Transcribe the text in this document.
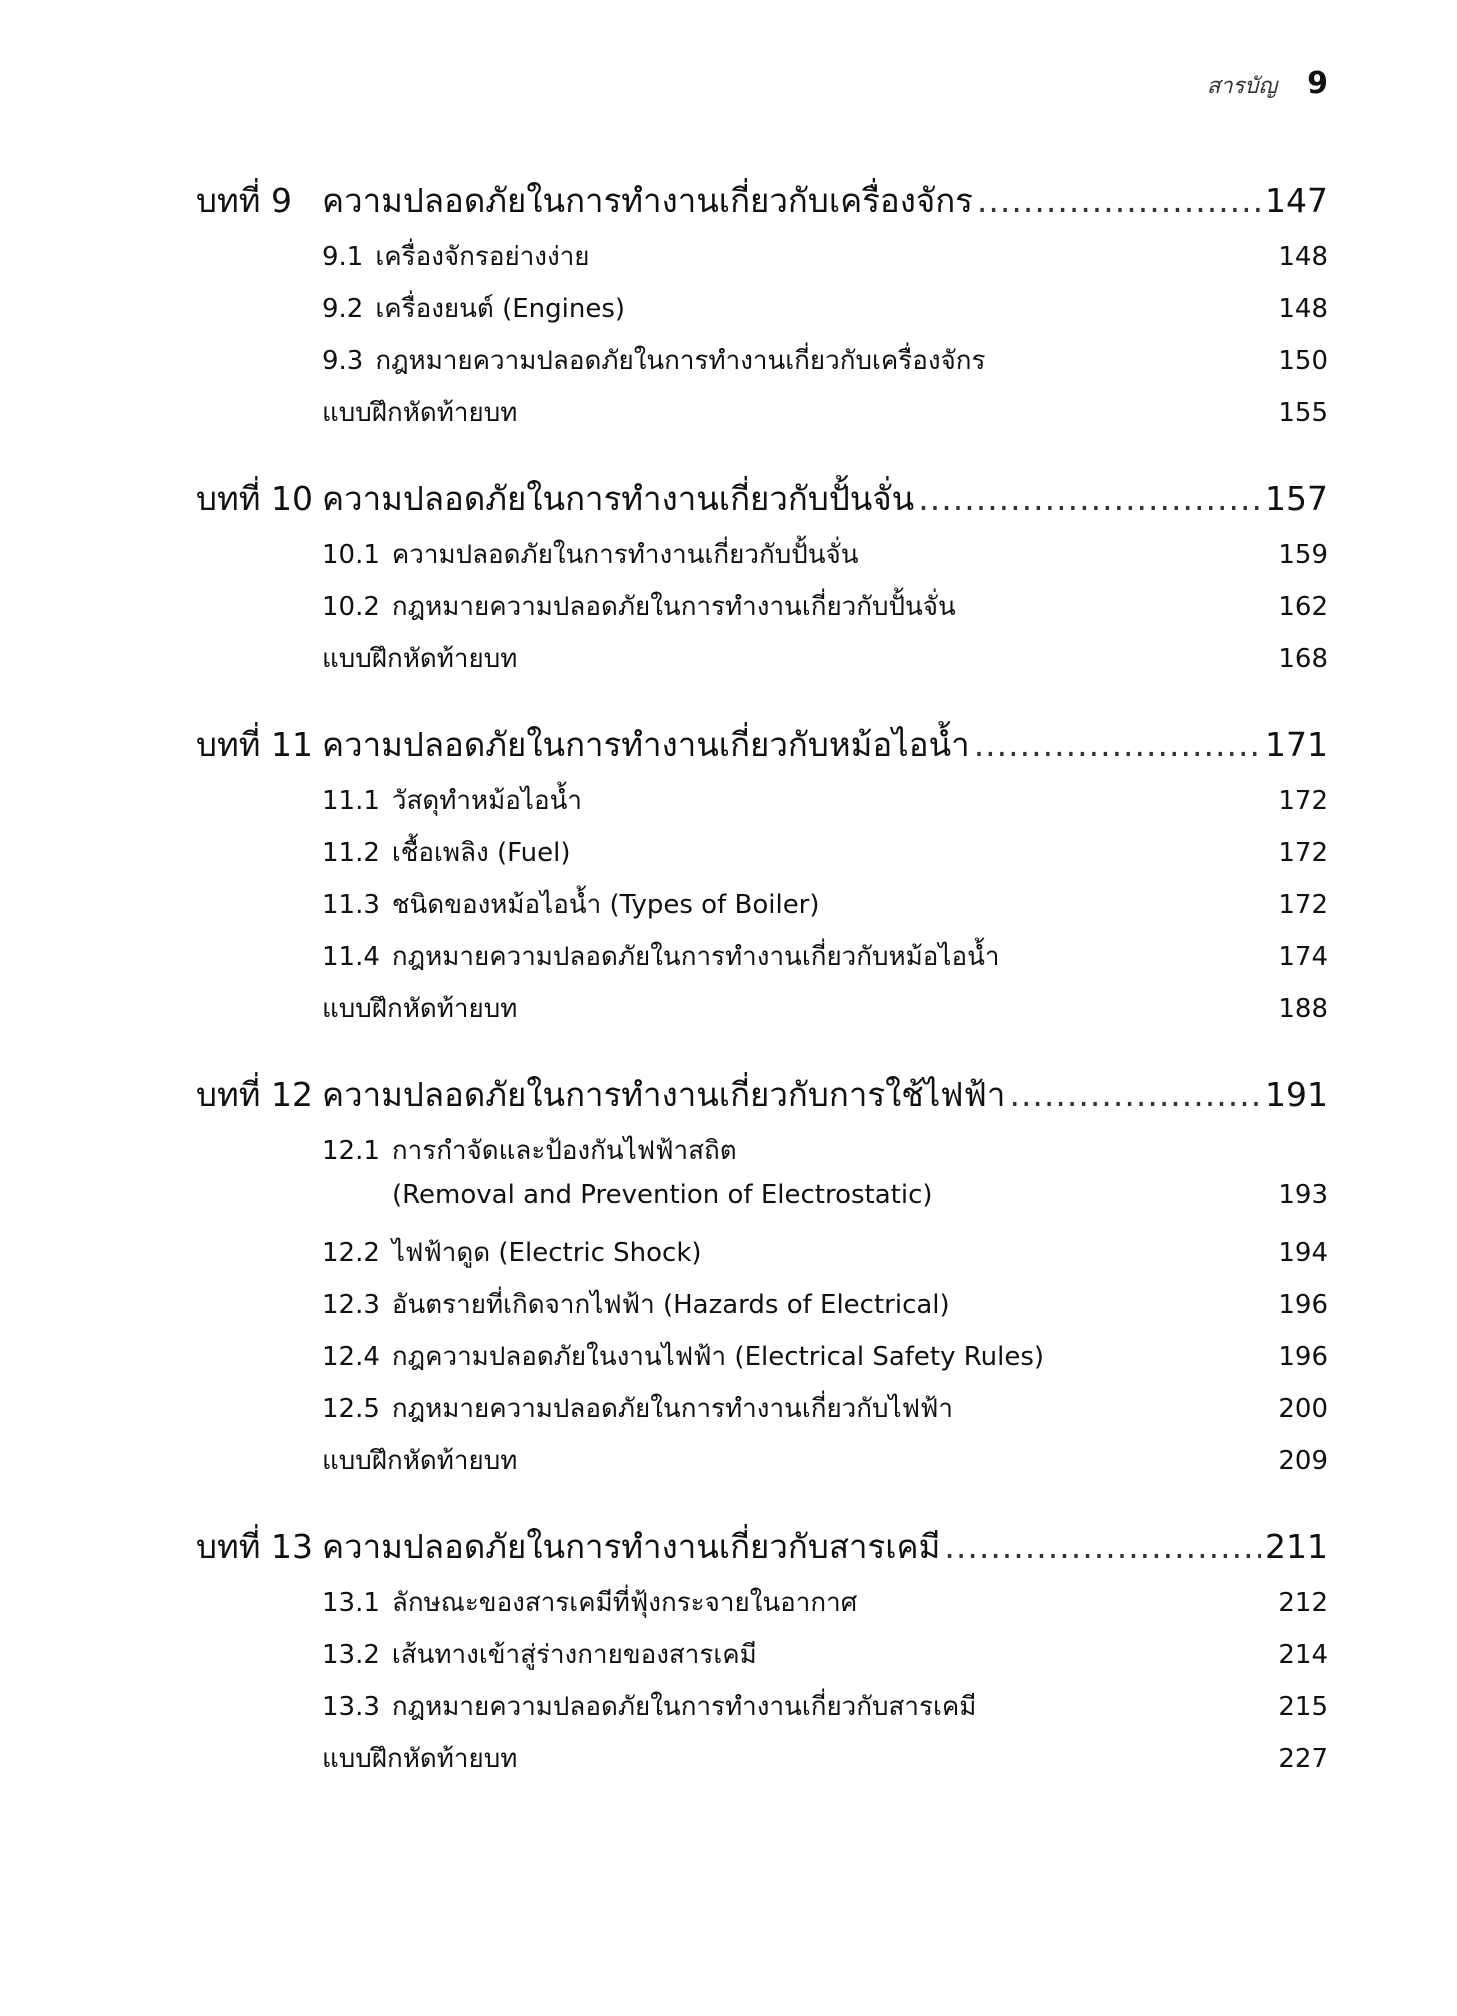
สารบัญ 9
บทที่ 9 ความปลอดภัยในการทำงานเกี่ยวกับเครื่องจักร .....	147
9.1 เครื่องจักรอย่างง่าย	148
9.2 เครื่องยนต์ (Engines)	148
9.3 กฎหมายความปลอดภัยในการทำงานเกี่ยวกับเครื่องจักร	150
แบบฝึกหัดท้ายบท	155
บทที่ 10 ความปลอดภัยในการทำงานเกี่ยวกับปั้นจั่น .....	157
10.1 ความปลอดภัยในการทำงานเกี่ยวกับปั้นจั่น	159
10.2 กฎหมายความปลอดภัยในการทำงานเกี่ยวกับปั้นจั่น	162
แบบฝึกหัดท้ายบท	168
บทที่ 11 ความปลอดภัยในการทำงานเกี่ยวกับหม้อไอน้ำ .....	171
11.1 วัสดุทำหม้อไอน้ำ	172
11.2 เชื้อเพลิง (Fuel)	172
11.3 ชนิดของหม้อไอน้ำ (Types of Boiler)	172
11.4 กฎหมายความปลอดภัยในการทำงานเกี่ยวกับหม้อไอน้ำ	174
แบบฝึกหัดท้ายบท	188
บทที่ 12 ความปลอดภัยในการทำงานเกี่ยวกับการใช้ไฟฟ้า .....	191
12.1 การกำจัดและป้องกันไฟฟ้าสถิต
(Removal and Prevention of Electrostatic)	193
12.2 ไฟฟ้าดูด (Electric Shock)	194
12.3 อันตรายที่เกิดจากไฟฟ้า (Hazards of Electrical)	196
12.4 กฎความปลอดภัยในงานไฟฟ้า (Electrical Safety Rules)	196
12.5 กฎหมายความปลอดภัยในการทำงานเกี่ยวกับไฟฟ้า	200
แบบฝึกหัดท้ายบท	209
บทที่ 13 ความปลอดภัยในการทำงานเกี่ยวกับสารเคมี .....	211
13.1 ลักษณะของสารเคมีที่ฟุ้งกระจายในอากาศ	212
13.2 เส้นทางเข้าสู่ร่างกายของสารเคมี	214
13.3 กฎหมายความปลอดภัยในการทำงานเกี่ยวกับสารเคมี	215
แบบฝึกหัดท้ายบท	227
